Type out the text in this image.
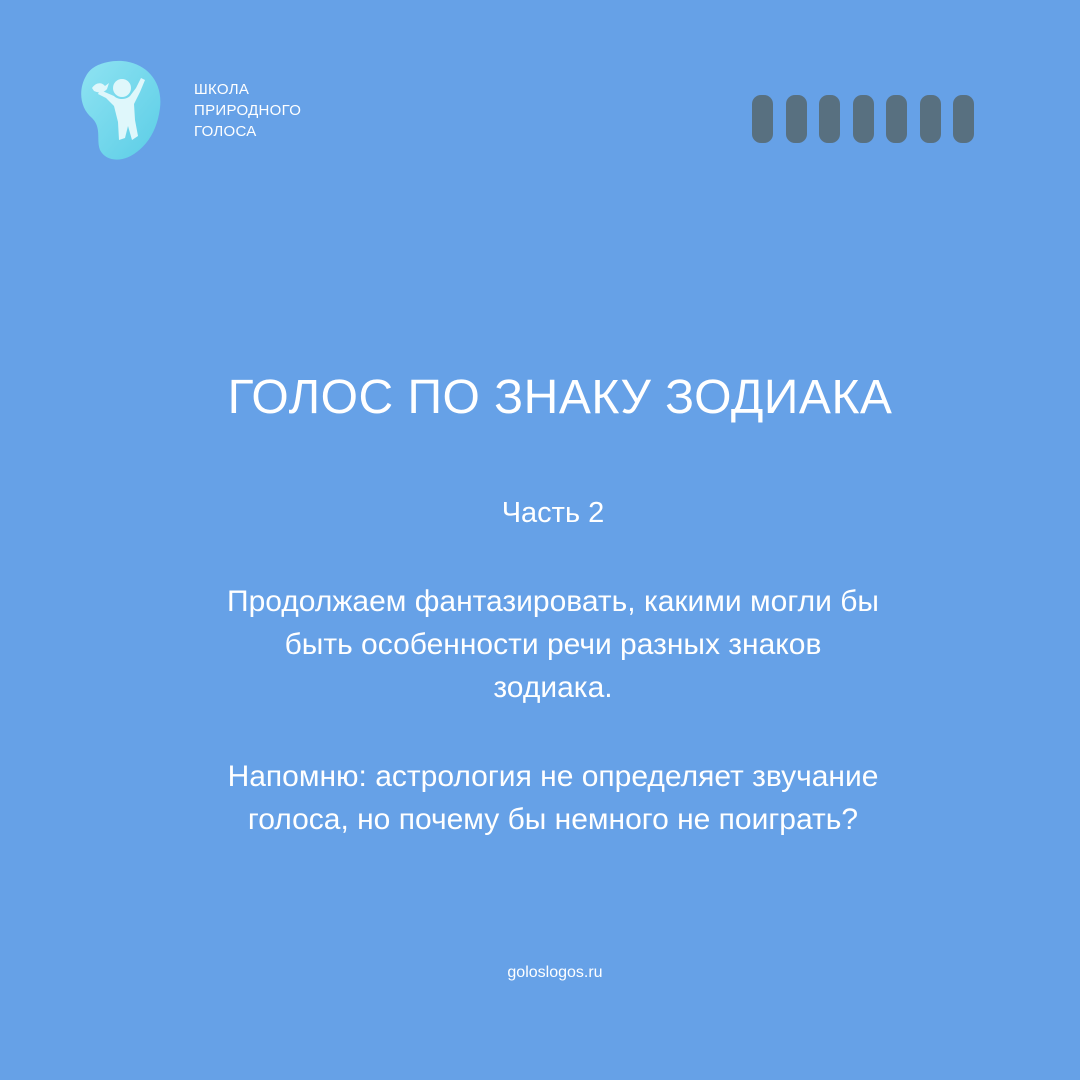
ШКОЛА
ПРИРОДНОГО
ГОЛОСА
ГОЛОС ПО ЗНАКУ ЗОДИАКА
Часть 2
Продолжаем фантазировать, какими могли бы
быть особенности речи разных знаков
зодиака.
Напомню: астрология не определяет звучание
голоса, но почему бы немного не поиграть?
goloslogos.ru
